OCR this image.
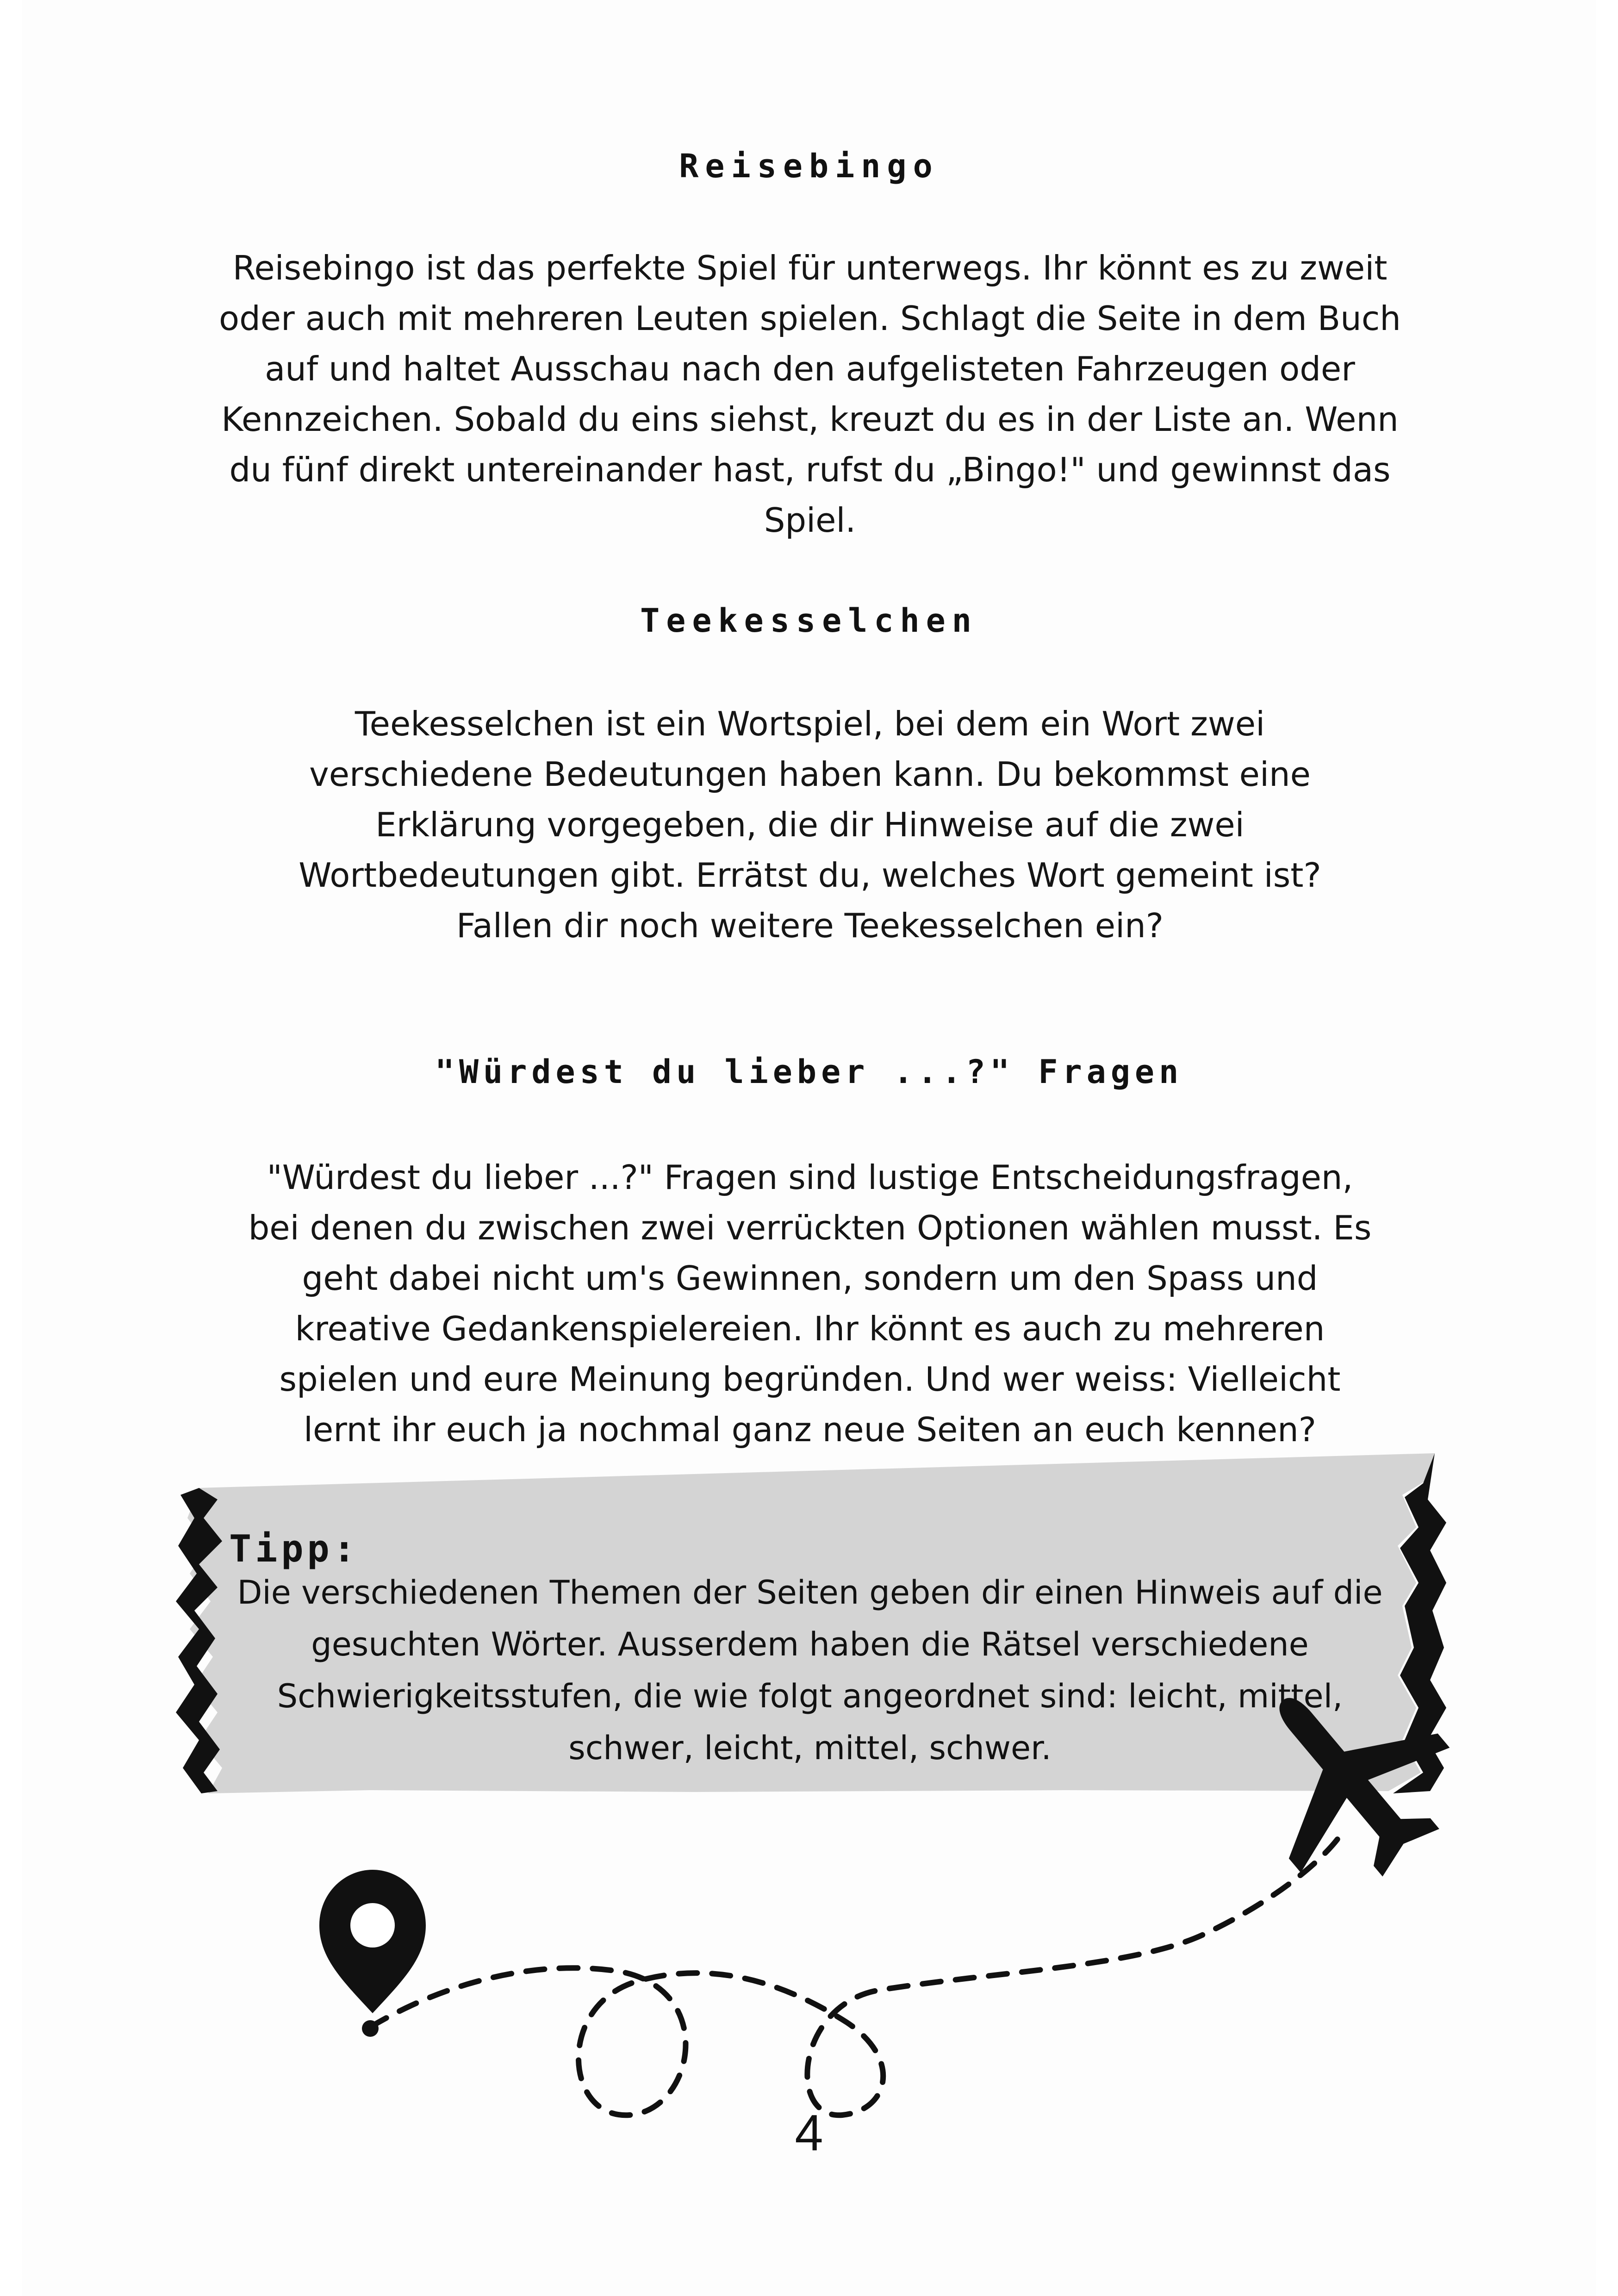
Reisebingo

Reisebingo ist das perfekte Spiel für unterwegs. Ihr könnt es zu zweit oder auch mit mehreren Leuten spielen. Schlagt die Seite in dem Buch auf und haltet Ausschau nach den aufgelisteten Fahrzeugen oder Kennzeichen. Sobald du eins siehst, kreuzt du es in der Liste an. Wenn du fünf direkt untereinander hast, rufst du „Bingo!" und gewinnst das Spiel.

Teekesselchen

Teekesselchen ist ein Wortspiel, bei dem ein Wort zwei verschiedene Bedeutungen haben kann. Du bekommst eine Erklärung vorgegeben, die dir Hinweise auf die zwei Wortbedeutungen gibt. Errätst du, welches Wort gemeint ist? Fallen dir noch weitere Teekesselchen ein?

"Würdest du lieber ...?" Fragen

"Würdest du lieber ...?" Fragen sind lustige Entscheidungsfragen, bei denen du zwischen zwei verrückten Optionen wählen musst. Es geht dabei nicht um's Gewinnen, sondern um den Spass und kreative Gedankenspielereien. Ihr könnt es auch zu mehreren spielen und eure Meinung begründen. Und wer weiss: Vielleicht lernt ihr euch ja nochmal ganz neue Seiten an euch kennen?

Tipp:

Die verschiedenen Themen der Seiten geben dir einen Hinweis auf die gesuchten Wörter. Ausserdem haben die Rätsel verschiedene Schwierigkeitsstufen, die wie folgt angeordnet sind: leicht, mittel, schwer, leicht, mittel, schwer.

4
